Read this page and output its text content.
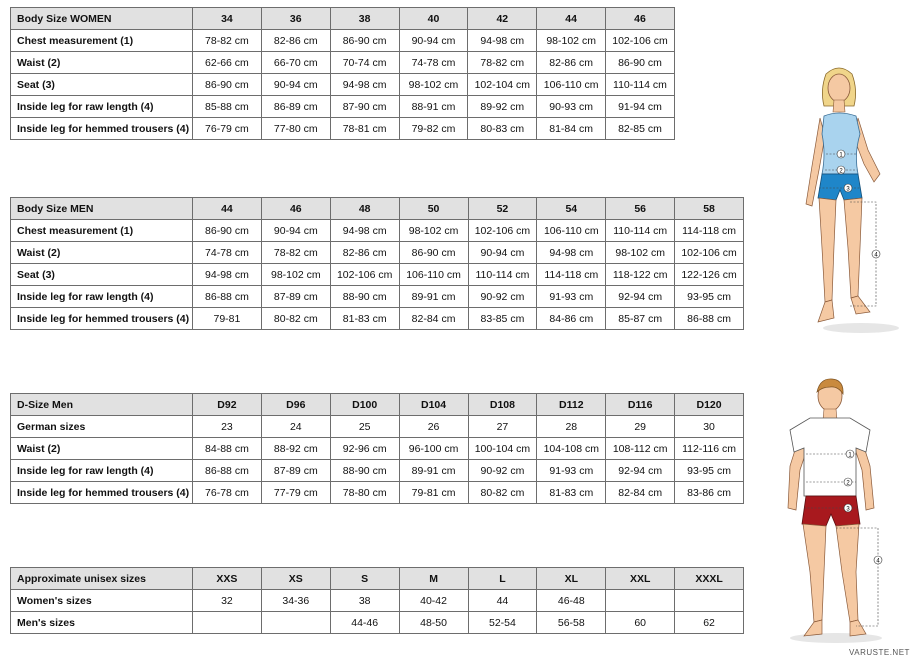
Body Size WOMEN	34	36	38	40	42	44	46
Chest measurement (1)	78-82 cm	82-86 cm	86-90 cm	90-94 cm	94-98 cm	98-102 cm	102-106 cm
Waist (2)	62-66 cm	66-70 cm	70-74 cm	74-78 cm	78-82 cm	82-86 cm	86-90 cm
Seat (3)	86-90 cm	90-94 cm	94-98 cm	98-102 cm	102-104 cm	106-110 cm	110-114 cm
Inside leg for raw length (4)	85-88 cm	86-89 cm	87-90 cm	88-91 cm	89-92 cm	90-93 cm	91-94 cm
Inside leg for hemmed trousers (4)	76-79 cm	77-80 cm	78-81 cm	79-82 cm	80-83 cm	81-84 cm	82-85 cm
Body Size MEN	44	46	48	50	52	54	56	58
Chest measurement (1)	86-90 cm	90-94 cm	94-98 cm	98-102 cm	102-106 cm	106-110 cm	110-114 cm	114-118 cm
Waist (2)	74-78 cm	78-82 cm	82-86 cm	86-90 cm	90-94 cm	94-98 cm	98-102 cm	102-106 cm
Seat (3)	94-98 cm	98-102 cm	102-106 cm	106-110 cm	110-114 cm	114-118 cm	118-122 cm	122-126 cm
Inside leg for raw length (4)	86-88 cm	87-89 cm	88-90 cm	89-91 cm	90-92 cm	91-93 cm	92-94 cm	93-95 cm
Inside leg for hemmed trousers (4)	79-81	80-82 cm	81-83 cm	82-84 cm	83-85 cm	84-86 cm	85-87 cm	86-88 cm
D-Size Men	D92	D96	D100	D104	D108	D112	D116	D120
German sizes	23	24	25	26	27	28	29	30
Waist (2)	84-88 cm	88-92 cm	92-96 cm	96-100 cm	100-104 cm	104-108 cm	108-112 cm	112-116 cm
Inside leg for raw length (4)	86-88 cm	87-89 cm	88-90 cm	89-91 cm	90-92 cm	91-93 cm	92-94 cm	93-95 cm
Inside leg for hemmed trousers (4)	76-78 cm	77-79 cm	78-80 cm	79-81 cm	80-82 cm	81-83 cm	82-84 cm	83-86 cm
Approximate unisex sizes	XXS	XS	S	M	L	XL	XXL	XXXL
Women's sizes	32	34-36	38	40-42	44	46-48		
Men's sizes			44-46	48-50	52-54	56-58	60	62
1
2
3
4
1
2
3
4
VARUSTE.NET
